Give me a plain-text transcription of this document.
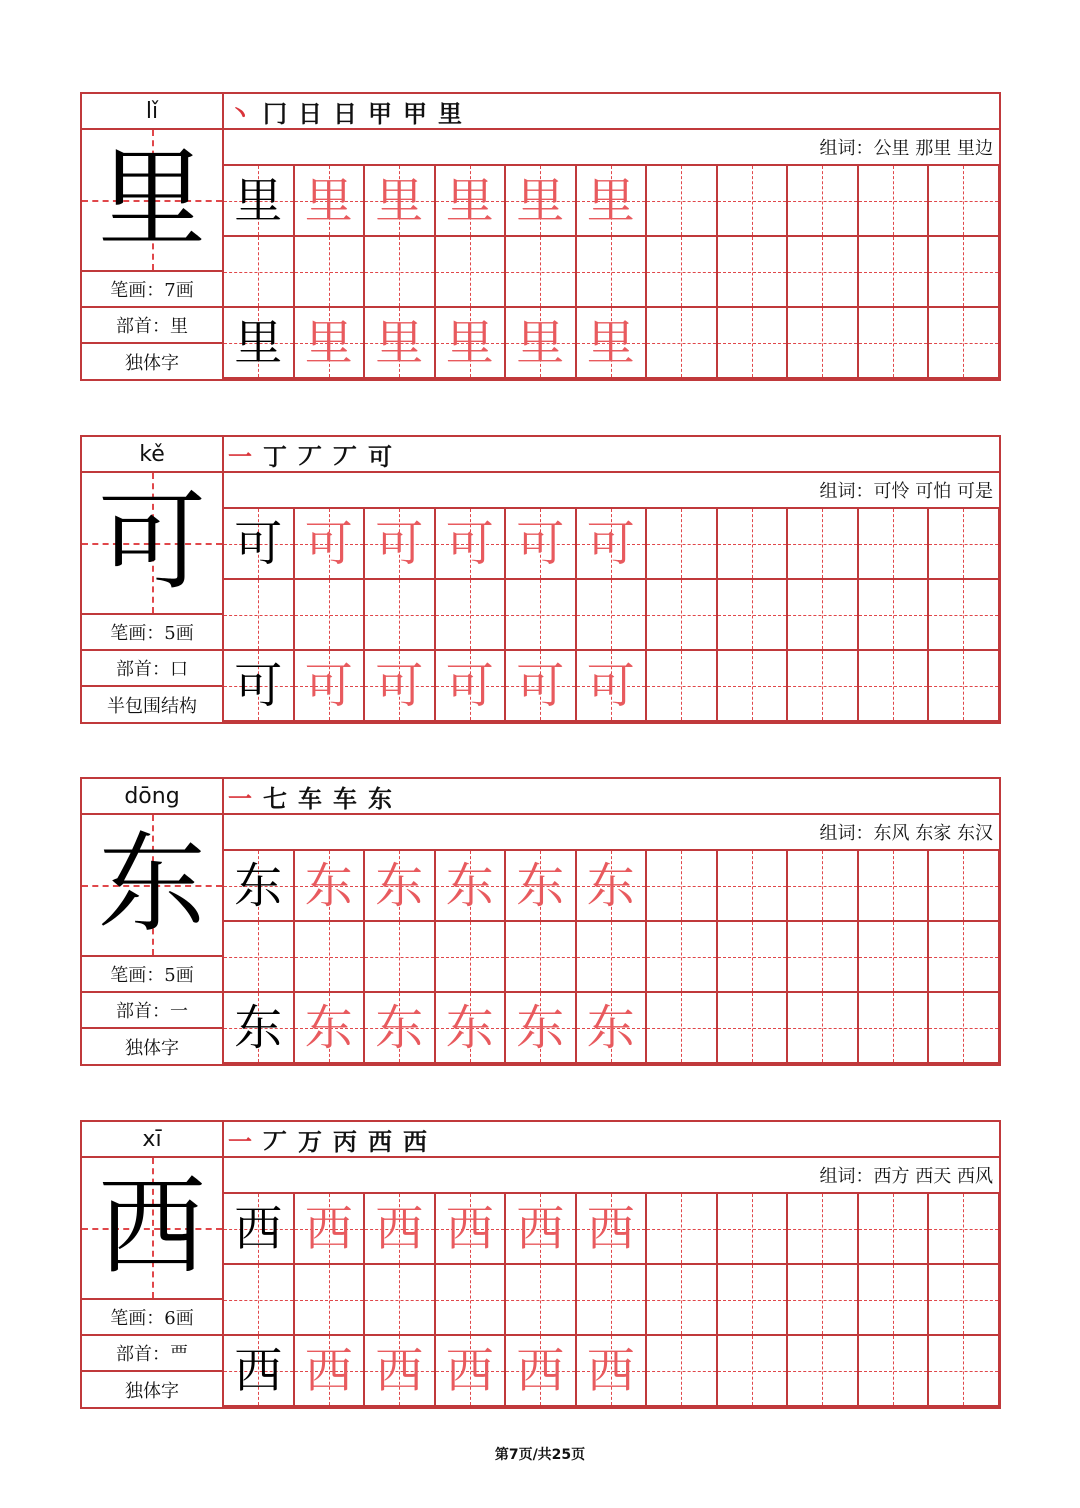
lǐ
里
笔画：7画
部首：里
独体字
丶 冂 日 日 甲 甲 里
组词：公里 那里 里边
里 里 里 里 里 里
里 里 里 里 里 里
kě
可
笔画：5画
部首：口
半包围结构
一 丁 丆 丆 可
组词：可怜 可怕 可是
可 可 可 可 可 可
可 可 可 可 可 可
dōng
东
笔画：5画
部首：一
独体字
一 七 车 车 东
组词：东风 东家 东汉
东 东 东 东 东 东
东 东 东 东 东 东
xī
西
笔画：6画
部首：覀
独体字
一 丆 万 丙 西 西
组词：西方 西天 西风
西 西 西 西 西 西
西 西 西 西 西 西
第7页/共25页
